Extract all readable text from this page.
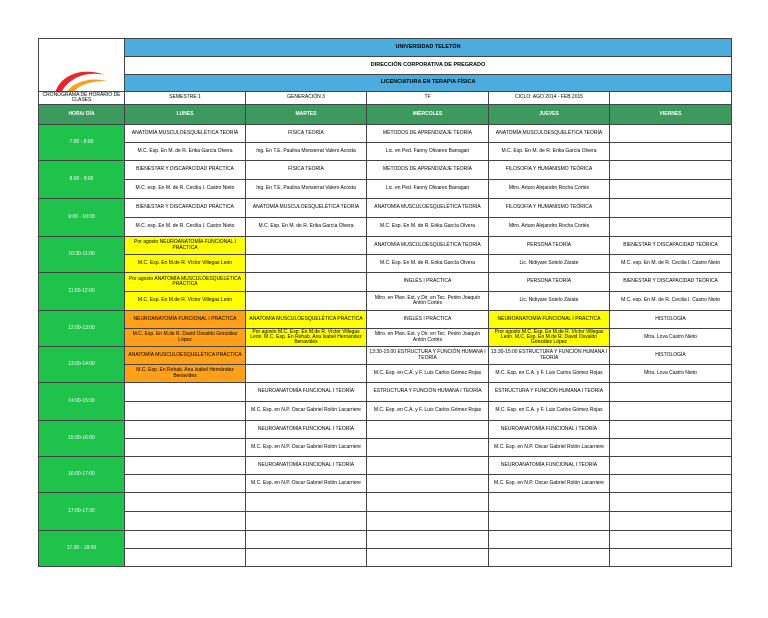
	UNIVERSIDAD TELETÓN				
	DIRECCIÓN CORPORATIVA DE PREGRADO				
	LICENCIATURA EN TERAPIA FÍSICA				
CRONOGRAMA DE HORARIO DE CLASES	SEMESTRE 1	GENERACIÓN 3	TF	CICLO: AGO 2014 - FEB 2015	
HORA/ DÍA	LUNES	MARTES	MIÉRCOLES	JUEVES	VIERNES
7:00 - 8:00	ANATOMÍA MUSCULOESQUELÉTICA TEORÍA	FÍSICA TEORÍA	MÉTODOS DE APRENDIZAJE TEORÍA	ANATOMÍA MUSCULOESQUELÉTICA TEORÍA	
	M.C. Esp. En M. de R. Erika García Olvera	Ing. En T.E. Paulina Monserrat Valero Acosta	Lic. en Ped. Fanny Olivares Barragan	M.C. Esp. En M. de R. Erika García Olvera	
8:00 - 9:00	BIENESTAR Y DISCAPACIDAD PRÁCTICA	FÍSICA TEORÍA	MÉTODOS DE APRENDIZAJE TEORÍA	FILOSOFÍA Y HUMANISMO TEÓRICA	
	M.C. esp. En M. de R. Cecilia I. Castro Nieto	Ing. En T.E. Paulina Monserrat Valero Acosta	Lic. en Ped. Fanny Olivares Barragan	Mtro. Arturo Alejandro Rocha Cortés	
9:00 - 10:00	BIENESTAR Y DISCAPACIDAD PRÁCTICA	ANATOMÍA MUSCULOESQUELÉTICA TEORÍA	ANATOMÍA MUSCULOESQUELÉTICA TEORÍA	FILOSOFÍA Y HUMANISMO TEÓRICA	
	M.C. esp. En M. de R. Cecilia I. Castro Nieto	M.C. Esp. En M. de R. Erika García Olvera	M.C. Esp. En M. de R. Erika García Olvera	Mtro. Arturo Alejandro Rocha Cortés	
10:30-11:00	Por agosto NEUROANATOMÍA FUNCIONAL I PRÁCTICA		ANATOMÍA MUSCULOESQUELÉTICA TEORÍA	PERSONA TEORÍA	BIENESTAR Y DISCAPACIDAD TEÓRICA
	M.C. Esp. En M.de R. Víctor Villegas León		M.C. Esp. En M. de R. Erika García Olvera	Lic. Nidiyare Sotelo Zárate	M.C. esp. En M. de R. Cecilia I. Castro Nieto
11:00-12:00	Por agosto ANATOMÍA MUSCULOESQUELÉTICA PRÁCTICA		INGLÉS I PRÁCTICA	PERSONA TEORÍA	BIENESTAR Y DISCAPACIDAD TEÓRICA
	M.C. Esp. En M.de R. Víctor Villegas León		Mtro. en Plan. Est. y Dir. en Tec. Pedro Joaquín Antón Cortés	Lic. Nidiyare Sotelo Zárate	M.C. esp. En M. de R. Cecilia I. Castro Nieto
12:00-13:00	NEUROANATOMÍA FUNCIONAL I PRÁCTICA	ANATOMÍA MUSCULOESQUELÉTICA PRÁCTICA	INGLÉS I PRÁCTICA	NEUROANATOMÍA FUNCIONAL I PRÁCTICA	HISTOLOGÍA
	M.C. Esp. En M.de R. David Osvaldo González López	Por agosto M.C. Esp. En M.de R. Víctor Villegas León. M.C. Esp. En Rehab. Ana Isabel Hernández Benavides	Mtro. en Plan. Est. y Dir. en Tec. Pedro Joaquín Antón Cortés	Pror agosto M.C. Esp. En M.de R. Víctor Villegas León. M.C. Esp. En M.de R. David Osvaldo González López	Mtra. Lova Castro Nieto
13:00-14:00	ANATOMÍA MUSCULOESQUELÉTICA PRÁCTICA		13:30-15:00 ESTRUCTURA Y FUNCIÓN HUMANA I TEORÍA	13:30-15:00 ESTRUCTURA Y FUNCIÓN HUMANA I TEORÍA	HISTOLOGÍA
	M.C. Esp. En Rehab. Ana Isabel Hernández Benavides		M.C. Esp. en C.A. y F. Luis Carlos Gómez Rojas	M.C. Esp. en C.A. y F. Luis Carlos Gómez Rojas	Mtra. Lova Castro Nieto
14:00-15:00		NEUROANATOMÍA FUNCIONAL I TEORÍA	ESTRUCTURA Y FUNCIÓN HUMANA I TEORÍA	ESTRUCTURA Y FUNCIÓN HUMANA I TEORÍA	
		M.C. Esp. en N.P. Oscar Gabriel Rolón Lacarriere	M.C. Esp. en C.A. y F. Luis Carlos Gómez Rojas	M.C. Esp. en C.A. y F. Luis Carlos Gómez Rojas	
15:00-16:00		NEUROANATOMÍA FUNCIONAL I TEORÍA		NEUROANATOMÍA FUNCIONAL I TEORÍA	
		M.C. Esp. en N.P. Oscar Gabriel Rolón Lacarriere		M.C. Esp. en N.P. Oscar Gabriel Rolón Lacarriere	
16:00-17:00		NEUROANATOMÍA FUNCIONAL I TEORÍA		NEUROANATOMÍA FUNCIONAL I TEORÍA	
		M.C. Esp. en N.P. Oscar Gabriel Rolón Lacarriere		M.C. Esp. en N.P. Oscar Gabriel Rolón Lacarriere	
17:00-17:30					

17:30 - 18:00					
